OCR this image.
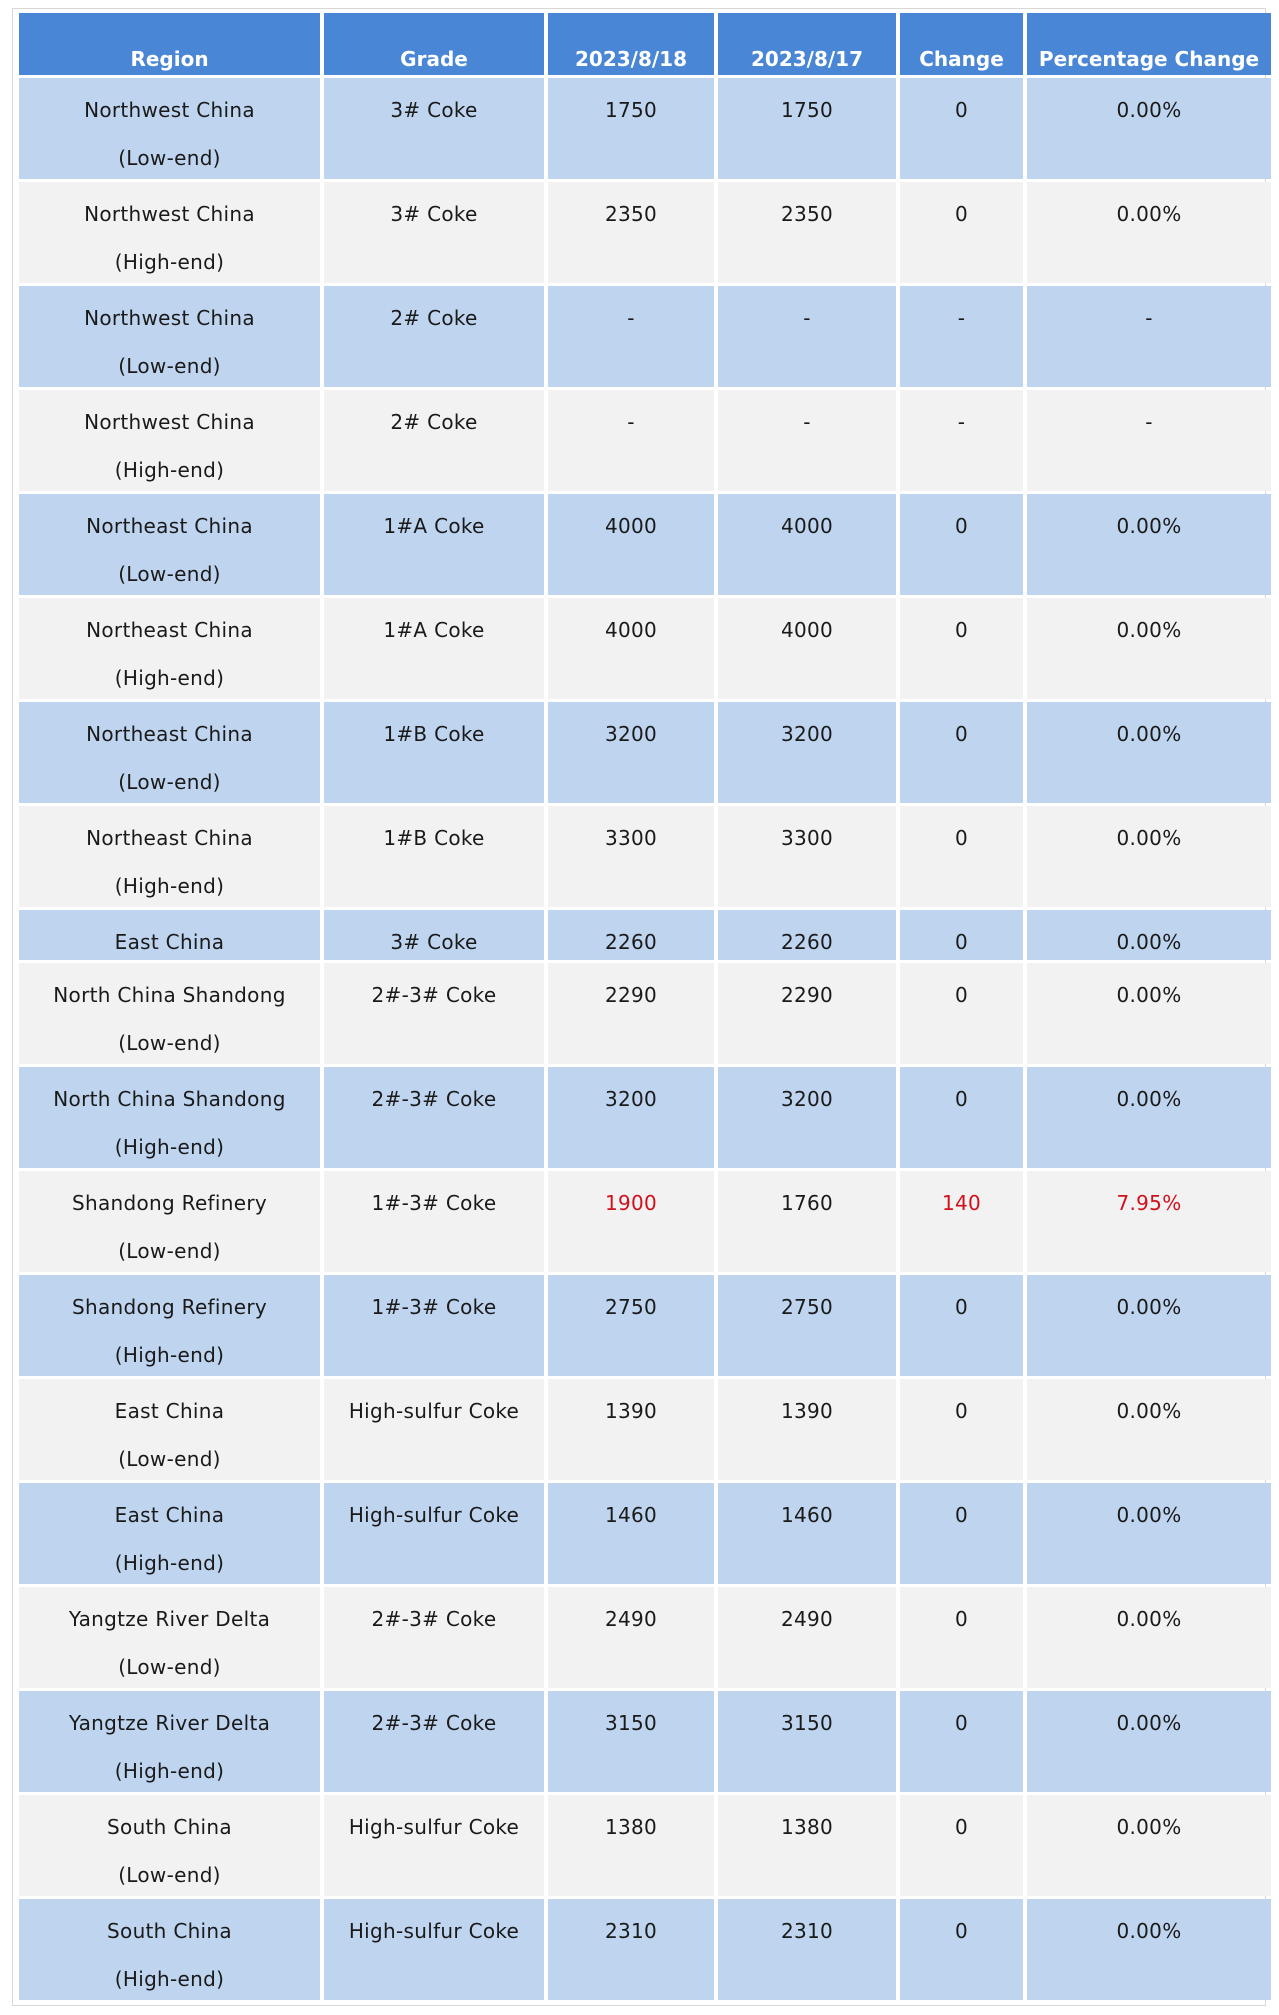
Region	Grade	2023/8/18	2023/8/17	Change	Percentage Change

Northwest China
(Low-end)	3# Coke	1750	1750	0	0.00%

Northwest China
(High-end)	3# Coke	2350	2350	0	0.00%

Northwest China
(Low-end)	2# Coke	-	-	-	-

Northwest China
(High-end)	2# Coke	-	-	-	-

Northeast China
(Low-end)	1#A Coke	4000	4000	0	0.00%

Northeast China
(High-end)	1#A Coke	4000	4000	0	0.00%

Northeast China
(Low-end)	1#B Coke	3200	3200	0	0.00%

Northeast China
(High-end)	1#B Coke	3300	3300	0	0.00%

East China	3# Coke	2260	2260	0	0.00%

North China Shandong
(Low-end)	2#-3# Coke	2290	2290	0	0.00%

North China Shandong
(High-end)	2#-3# Coke	3200	3200	0	0.00%

Shandong Refinery
(Low-end)	1#-3# Coke	1900	1760	140	7.95%

Shandong Refinery
(High-end)	1#-3# Coke	2750	2750	0	0.00%

East China
(Low-end)	High-sulfur Coke	1390	1390	0	0.00%

East China
(High-end)	High-sulfur Coke	1460	1460	0	0.00%

Yangtze River Delta
(Low-end)	2#-3# Coke	2490	2490	0	0.00%

Yangtze River Delta
(High-end)	2#-3# Coke	3150	3150	0	0.00%

South China
(Low-end)	High-sulfur Coke	1380	1380	0	0.00%

South China
(High-end)	High-sulfur Coke	2310	2310	0	0.00%
